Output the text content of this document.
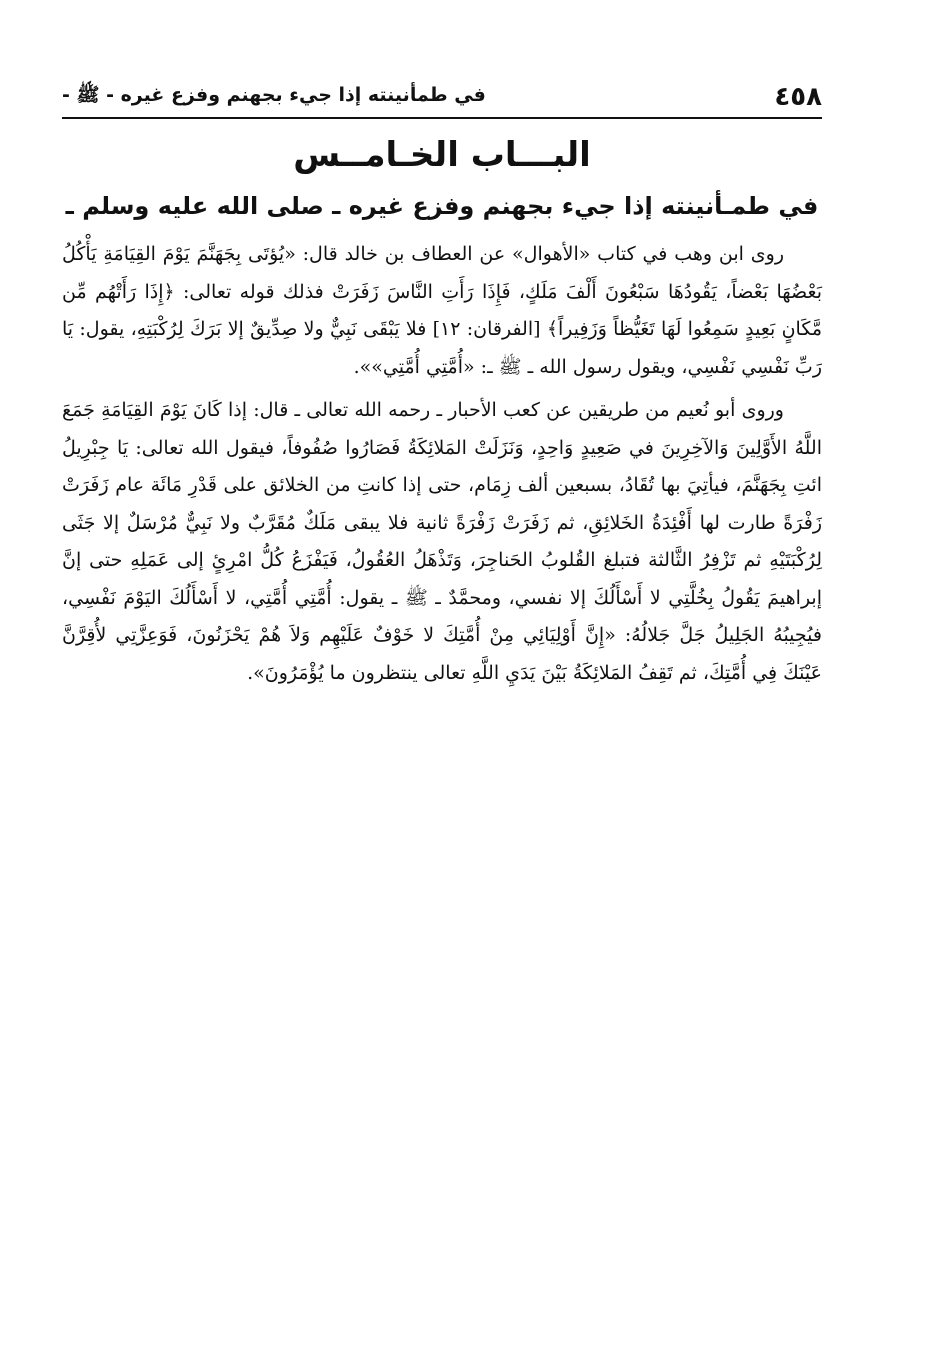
٤٥٨
في طمأنينته إذا جيء بجهنم وفزع غيره - ﷺ -
البـــاب الخـامــس
في طمـأنينته إذا جيء بجهنم وفزع غيره ـ صلى الله عليه وسلم ـ

روى ابن وهب في كتاب «الأهوال» عن العطاف بن خالد قال: «يُؤتَى بِجَهَنَّمَ يَوْمَ القِيَامَةِ يَأْكُلُ بَعْضُهَا بَعْضاً، يَقُودُهَا سَبْعُونَ أَلْفَ مَلَكٍ، فَإِذَا رَأَتِ النَّاسَ زَفَرَتْ فذلك قوله تعالى: ﴿إِذَا رَأَتْهُم مِّن مَّكَانٍ بَعِيدٍ سَمِعُوا لَهَا تَغَيُّظاً وَزَفِيراً﴾ [الفرقان: ١٢] فلا يَبْقَى نَبِيٌّ ولا صِدِّيقٌ إلا بَرَكَ لِرُكْبَتِهِ، يقول: يَا رَبِّ نَفْسِي نَفْسِي، ويقول رسول الله ـ ﷺ ـ: «أُمَّتِي أُمَّتِي»».

وروى أبو نُعيم من طريقين عن كعب الأحبار ـ رحمه الله تعالى ـ قال: إذا كَانَ يَوْمَ القِيَامَةِ جَمَعَ اللَّهُ الأَوَّلِينَ وَالآخِرِينَ في صَعِيدٍ وَاحِدٍ، وَنَزَلَتْ المَلائِكَةُ فَصَارُوا صُفُوفاً، فيقول الله تعالى: يَا جِبْرِيلُ ائتِ بِجَهَنَّمَ، فيأتِيَ بها تُقَادُ، بسبعين ألف زِمَام، حتى إذا كانتِ من الخلائق على قَدْرِ مَائَة عام زَفَرَتْ زَفْرَةً طارت لها أَفْئِدَةُ الخَلائِقِ، ثم زَفَرَتْ زَفْرَةً ثانية فلا يبقى مَلَكٌ مُقَرَّبٌ ولا نَبِيٌّ مُرْسَلٌ إلا جَثَى لِرُكْبَتَيْهِ ثم تَزْفِرُ الثَّالثة فتبلغ القُلوبُ الحَناجِرَ، وَتَذْهَلُ العُقُولُ، فَيَفْزَعُ كُلُّ امْرِئٍ إلى عَمَلِهِ حتى إنَّ إبراهيمَ يَقُولُ بِخُلَّتِي لا أَسْأَلُكَ إلا نفسي، ومحمَّدٌ ـ ﷺ ـ يقول: أُمَّتِي أُمَّتِي، لا أَسْأَلُكَ اليَوْمَ نَفْسِي، فيُجِيبُهُ الجَلِيلُ جَلَّ جَلالُهُ: «إِنَّ أَوْلِيَائِي مِنْ أُمَّتِكَ لا خَوْفٌ عَلَيْهِم وَلاَ هُمْ يَحْزَنُونَ، فَوَعِزَّتِي لأُقِرَّنَّ عَيْنَكَ فِي أُمَّتِكَ، ثم تَقِفُ المَلائِكَةُ بَيْنَ يَدَيِ اللَّهِ تعالى ينتظرون ما يُؤْمَرُونَ».
